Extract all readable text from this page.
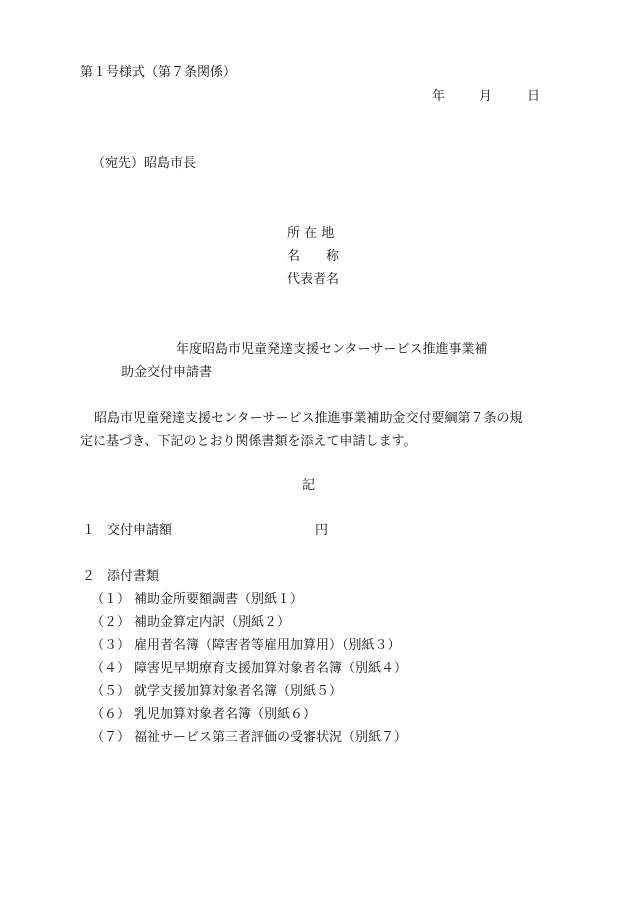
第１号様式（第７条関係）

年	月	日

（宛先）昭島市長

所 在 地

名　　称

代表者名

年度昭島市児童発達支援センターサービス推進事業補

助金交付申請書

昭島市児童発達支援センターサービス推進事業補助金交付要綱第７条の規

定に基づき、下記のとおり関係書類を添えて申請します。

記

１ 交付申請額	円
２ 添付書類
（１） 補助金所要額調書（別紙１）
（２） 補助金算定内訳（別紙２）
（３） 雇用者名簿（障害者等雇用加算用）（別紙３）
（４） 障害児早期療育支援加算対象者名簿（別紙４）
（５） 就学支援加算対象者名簿（別紙５）
（６） 乳児加算対象者名簿（別紙６）
（７） 福祉サービス第三者評価の受審状況（別紙７）
